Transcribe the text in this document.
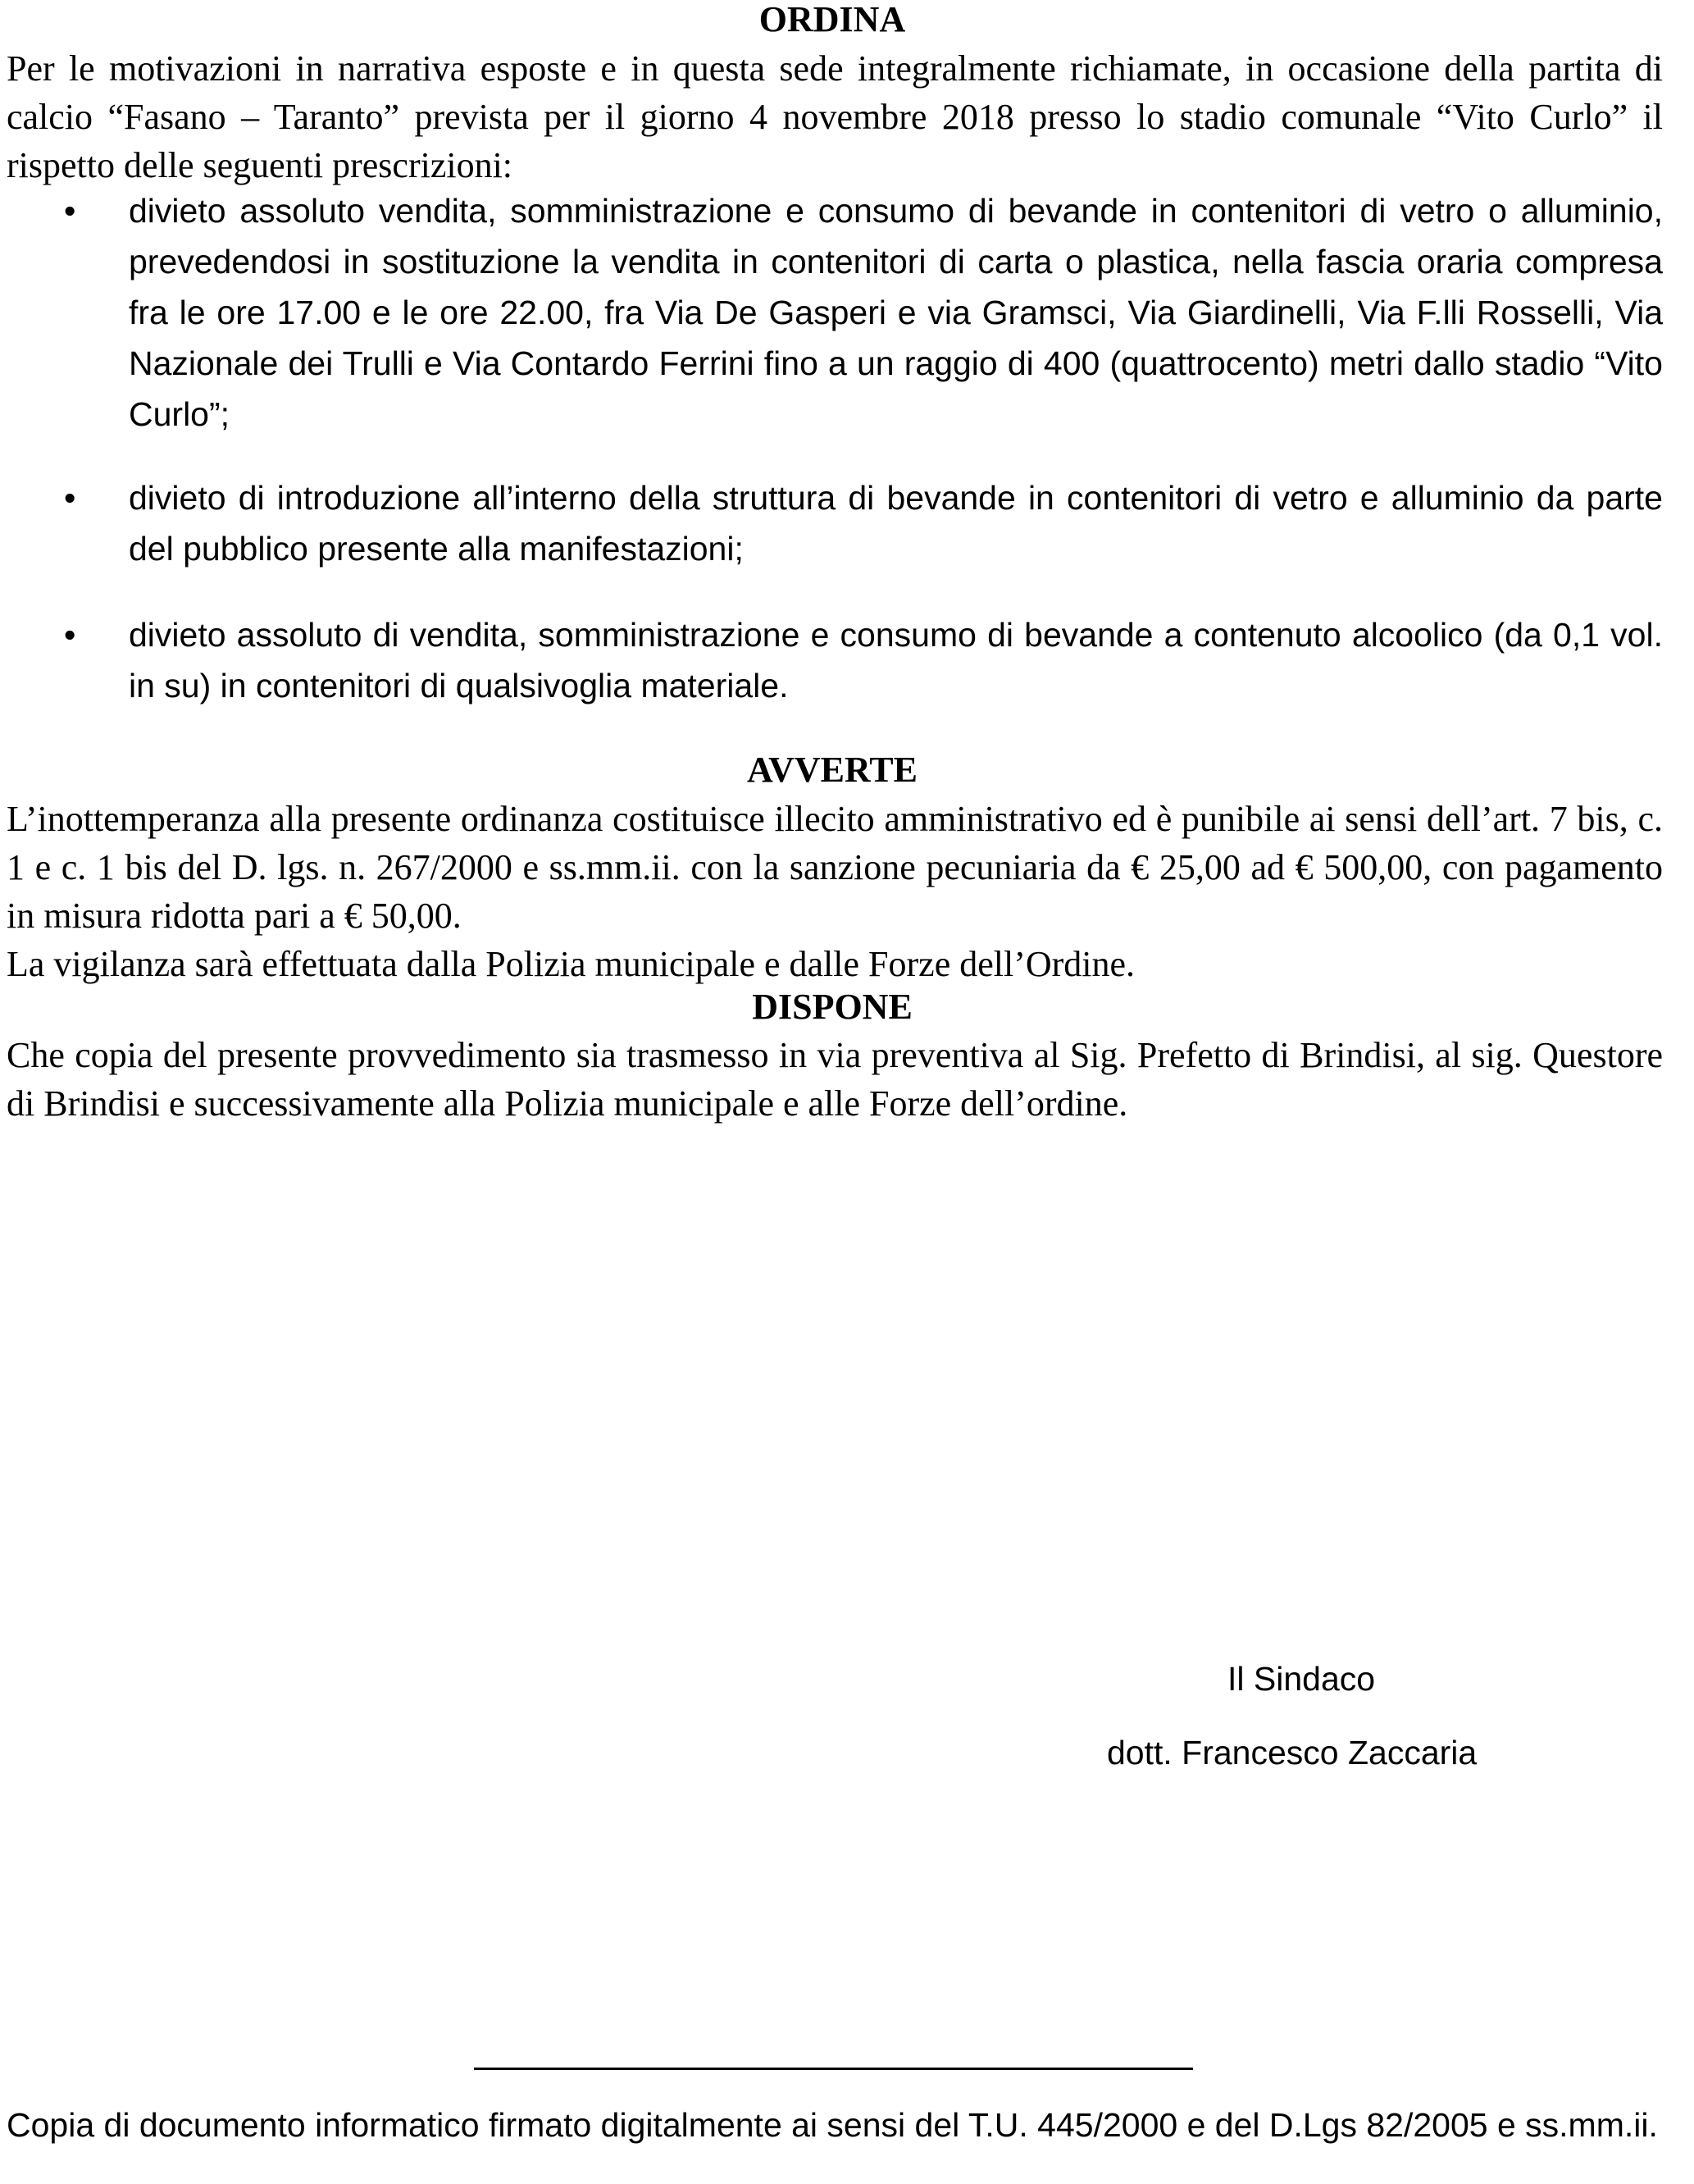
ORDINA

Per le motivazioni in narrativa esposte e in questa sede integralmente richiamate, in occasione della partita di calcio “Fasano – Taranto” prevista per il giorno 4 novembre 2018 presso lo stadio comunale “Vito Curlo” il rispetto delle seguenti prescrizioni:

•	divieto assoluto vendita, somministrazione e consumo di bevande in contenitori di vetro o alluminio, prevedendosi in sostituzione la vendita in contenitori di carta o plastica, nella fascia oraria compresa fra le ore 17.00 e le ore 22.00, fra Via De Gasperi e via Gramsci, Via Giardinelli, Via F.lli Rosselli, Via Nazionale dei Trulli e Via Contardo Ferrini fino a un raggio di 400 (quattrocento) metri dallo stadio “Vito Curlo”;

•	divieto di introduzione all’interno della struttura di bevande in contenitori di vetro e alluminio da parte del pubblico presente alla manifestazioni;

•	divieto assoluto di vendita, somministrazione e consumo di bevande a contenuto alcoolico (da 0,1 vol. in su) in contenitori di qualsivoglia materiale.

AVVERTE

L’inottemperanza alla presente ordinanza costituisce illecito amministrativo ed è punibile ai sensi dell’art. 7 bis, c. 1 e c. 1 bis del D. lgs. n. 267/2000 e ss.mm.ii. con la sanzione pecuniaria da € 25,00 ad € 500,00, con pagamento in misura ridotta pari a € 50,00.

La vigilanza sarà effettuata dalla Polizia municipale e dalle Forze dell’Ordine.

DISPONE

Che copia del presente provvedimento sia trasmesso in via preventiva al Sig. Prefetto di Brindisi, al sig. Questore di Brindisi e successivamente alla Polizia municipale e alle Forze dell’ordine.

Il Sindaco

dott. Francesco Zaccaria

Copia di documento informatico firmato digitalmente ai sensi del T.U. 445/2000 e del D.Lgs 82/2005 e ss.mm.ii.
